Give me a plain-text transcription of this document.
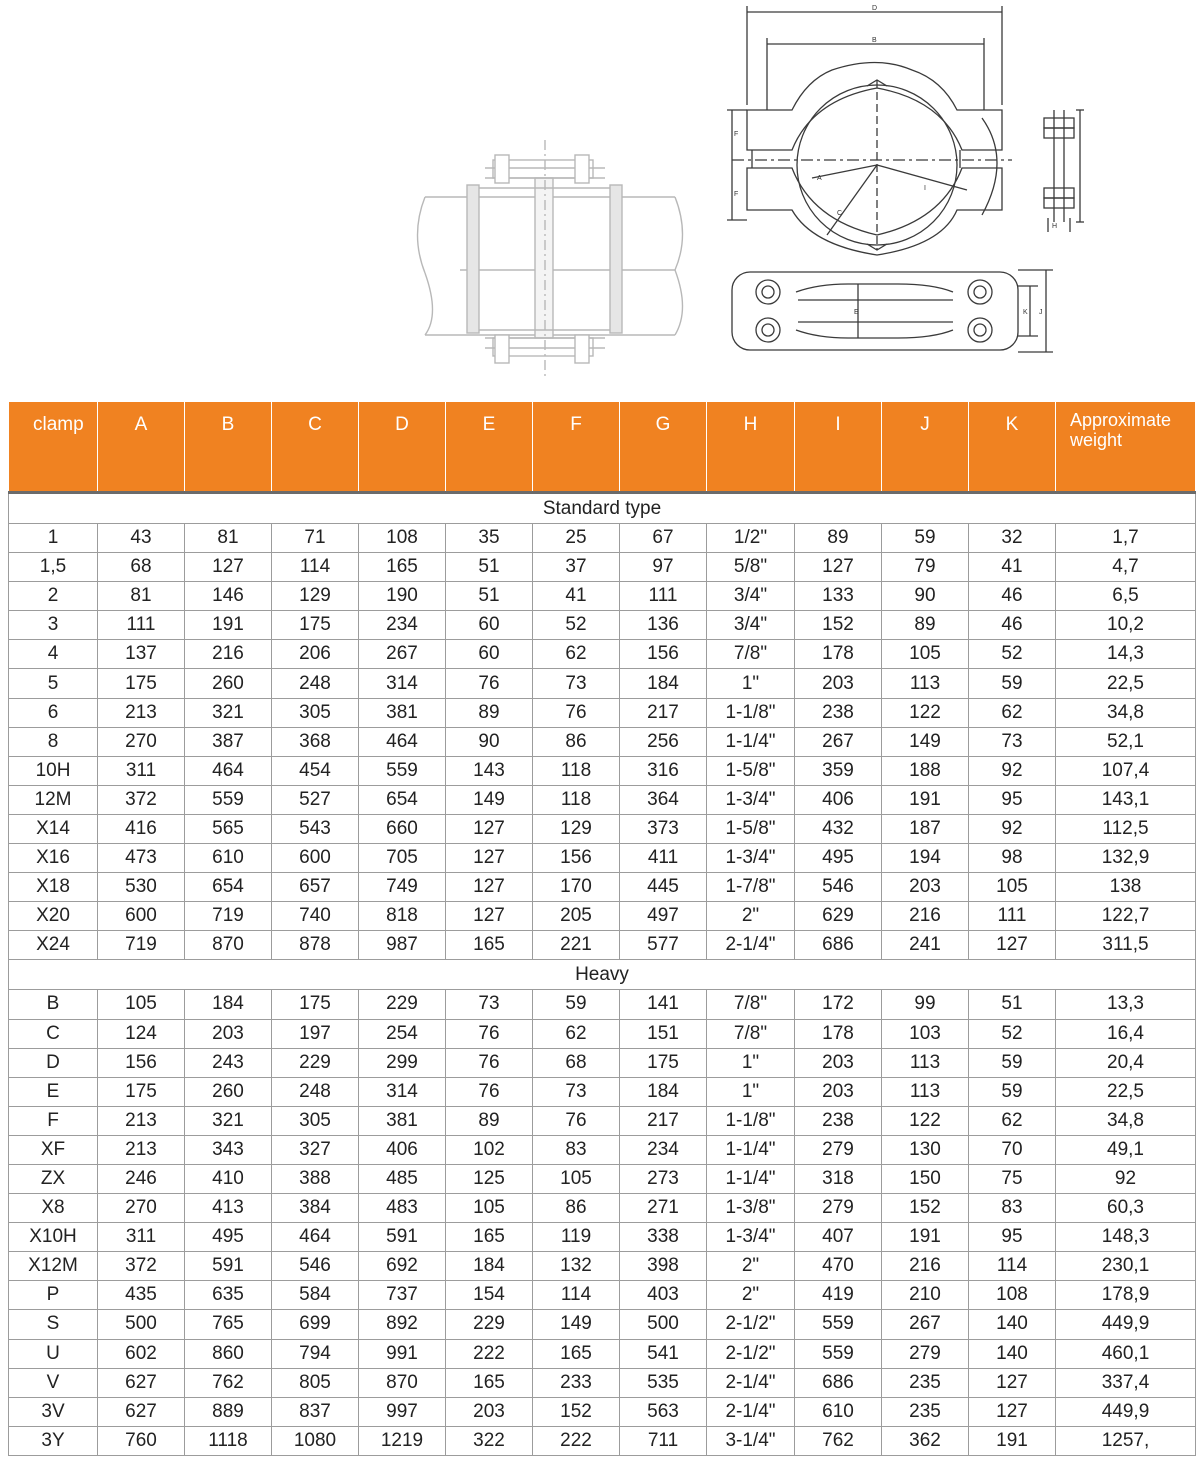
D
B
F
F
A
C
I
H
E	K J
clamp	A	B	C	D	E	F	G	H	I	J	K	Approximate weight
Standard type												
1	43	81	71	108	35	25	67	1/2"	89	59	32	1,7
1,5	68	127	114	165	51	37	97	5/8"	127	79	41	4,7
2	81	146	129	190	51	41	111	3/4"	133	90	46	6,5
3	111	191	175	234	60	52	136	3/4"	152	89	46	10,2
4	137	216	206	267	60	62	156	7/8"	178	105	52	14,3
5	175	260	248	314	76	73	184	1"	203	113	59	22,5
6	213	321	305	381	89	76	217	1-1/8"	238	122	62	34,8
8	270	387	368	464	90	86	256	1-1/4"	267	149	73	52,1
10H	311	464	454	559	143	118	316	1-5/8"	359	188	92	107,4
12M	372	559	527	654	149	118	364	1-3/4"	406	191	95	143,1
X14	416	565	543	660	127	129	373	1-5/8"	432	187	92	112,5
X16	473	610	600	705	127	156	411	1-3/4"	495	194	98	132,9
X18	530	654	657	749	127	170	445	1-7/8"	546	203	105	138
X20	600	719	740	818	127	205	497	2"	629	216	111	122,7
X24	719	870	878	987	165	221	577	2-1/4"	686	241	127	311,5
Heavy												
B	105	184	175	229	73	59	141	7/8"	172	99	51	13,3
C	124	203	197	254	76	62	151	7/8"	178	103	52	16,4
D	156	243	229	299	76	68	175	1"	203	113	59	20,4
E	175	260	248	314	76	73	184	1"	203	113	59	22,5
F	213	321	305	381	89	76	217	1-1/8"	238	122	62	34,8
XF	213	343	327	406	102	83	234	1-1/4"	279	130	70	49,1
ZX	246	410	388	485	125	105	273	1-1/4"	318	150	75	92
X8	270	413	384	483	105	86	271	1-3/8"	279	152	83	60,3
X10H	311	495	464	591	165	119	338	1-3/4"	407	191	95	148,3
X12M	372	591	546	692	184	132	398	2"	470	216	114	230,1
P	435	635	584	737	154	114	403	2"	419	210	108	178,9
S	500	765	699	892	229	149	500	2-1/2"	559	267	140	449,9
U	602	860	794	991	222	165	541	2-1/2"	559	279	140	460,1
V	627	762	805	870	165	233	535	2-1/4"	686	235	127	337,4
3V	627	889	837	997	203	152	563	2-1/4"	610	235	127	449,9
3Y	760	1118	1080	1219	322	222	711	3-1/4"	762	362	191	1257,
